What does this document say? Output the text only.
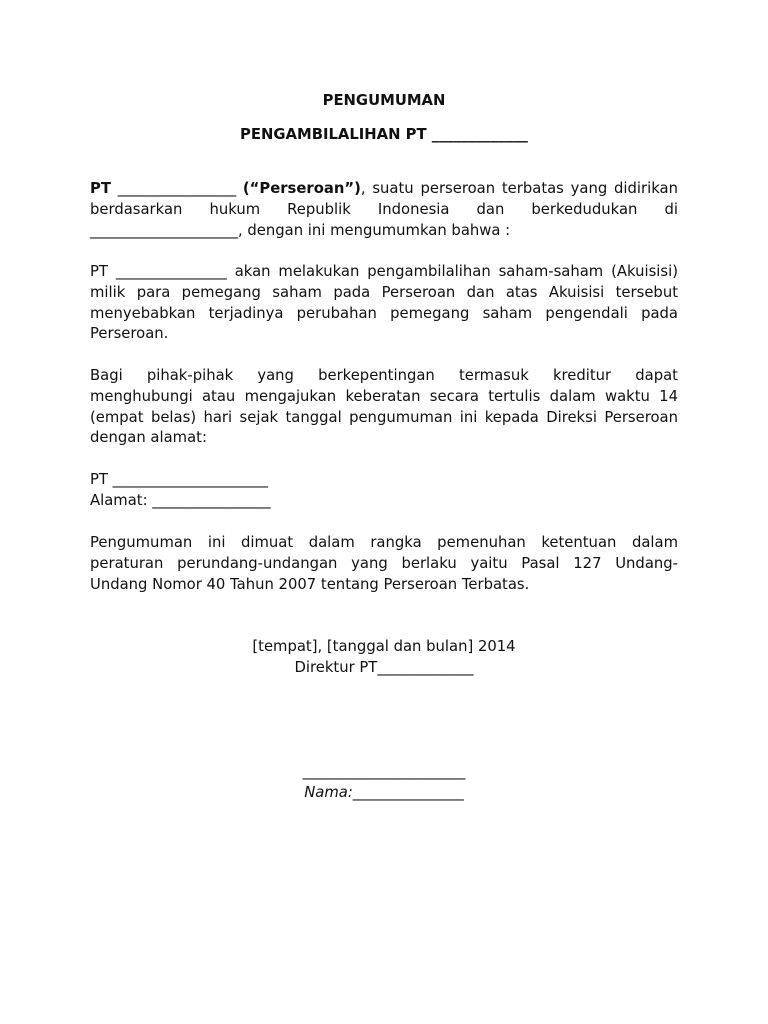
PENGUMUMAN
PENGAMBILALIHAN PT _____________
PT ________________ (“Perseroan”), suatu perseroan terbatas yang didirikan
berdasarkan hukum Republik Indonesia dan berkedudukan di
____________________, dengan ini mengumumkan bahwa :
PT _______________ akan melakukan pengambilalihan saham-saham (Akuisisi)
milik para pemegang saham pada Perseroan dan atas Akuisisi tersebut
menyebabkan terjadinya perubahan pemegang saham pengendali pada
Perseroan.
Bagi pihak-pihak yang berkepentingan termasuk kreditur dapat
menghubungi atau mengajukan keberatan secara tertulis dalam waktu 14
(empat belas) hari sejak tanggal pengumuman ini kepada Direksi Perseroan
dengan alamat:
PT _____________________
Alamat: ________________
Pengumuman ini dimuat dalam rangka pemenuhan ketentuan dalam
peraturan perundang-undangan yang berlaku yaitu Pasal 127 Undang-
Undang Nomor 40 Tahun 2007 tentang Perseroan Terbatas.
[tempat], [tanggal dan bulan] 2014
Direktur PT_____________
______________________
Nama:_______________
